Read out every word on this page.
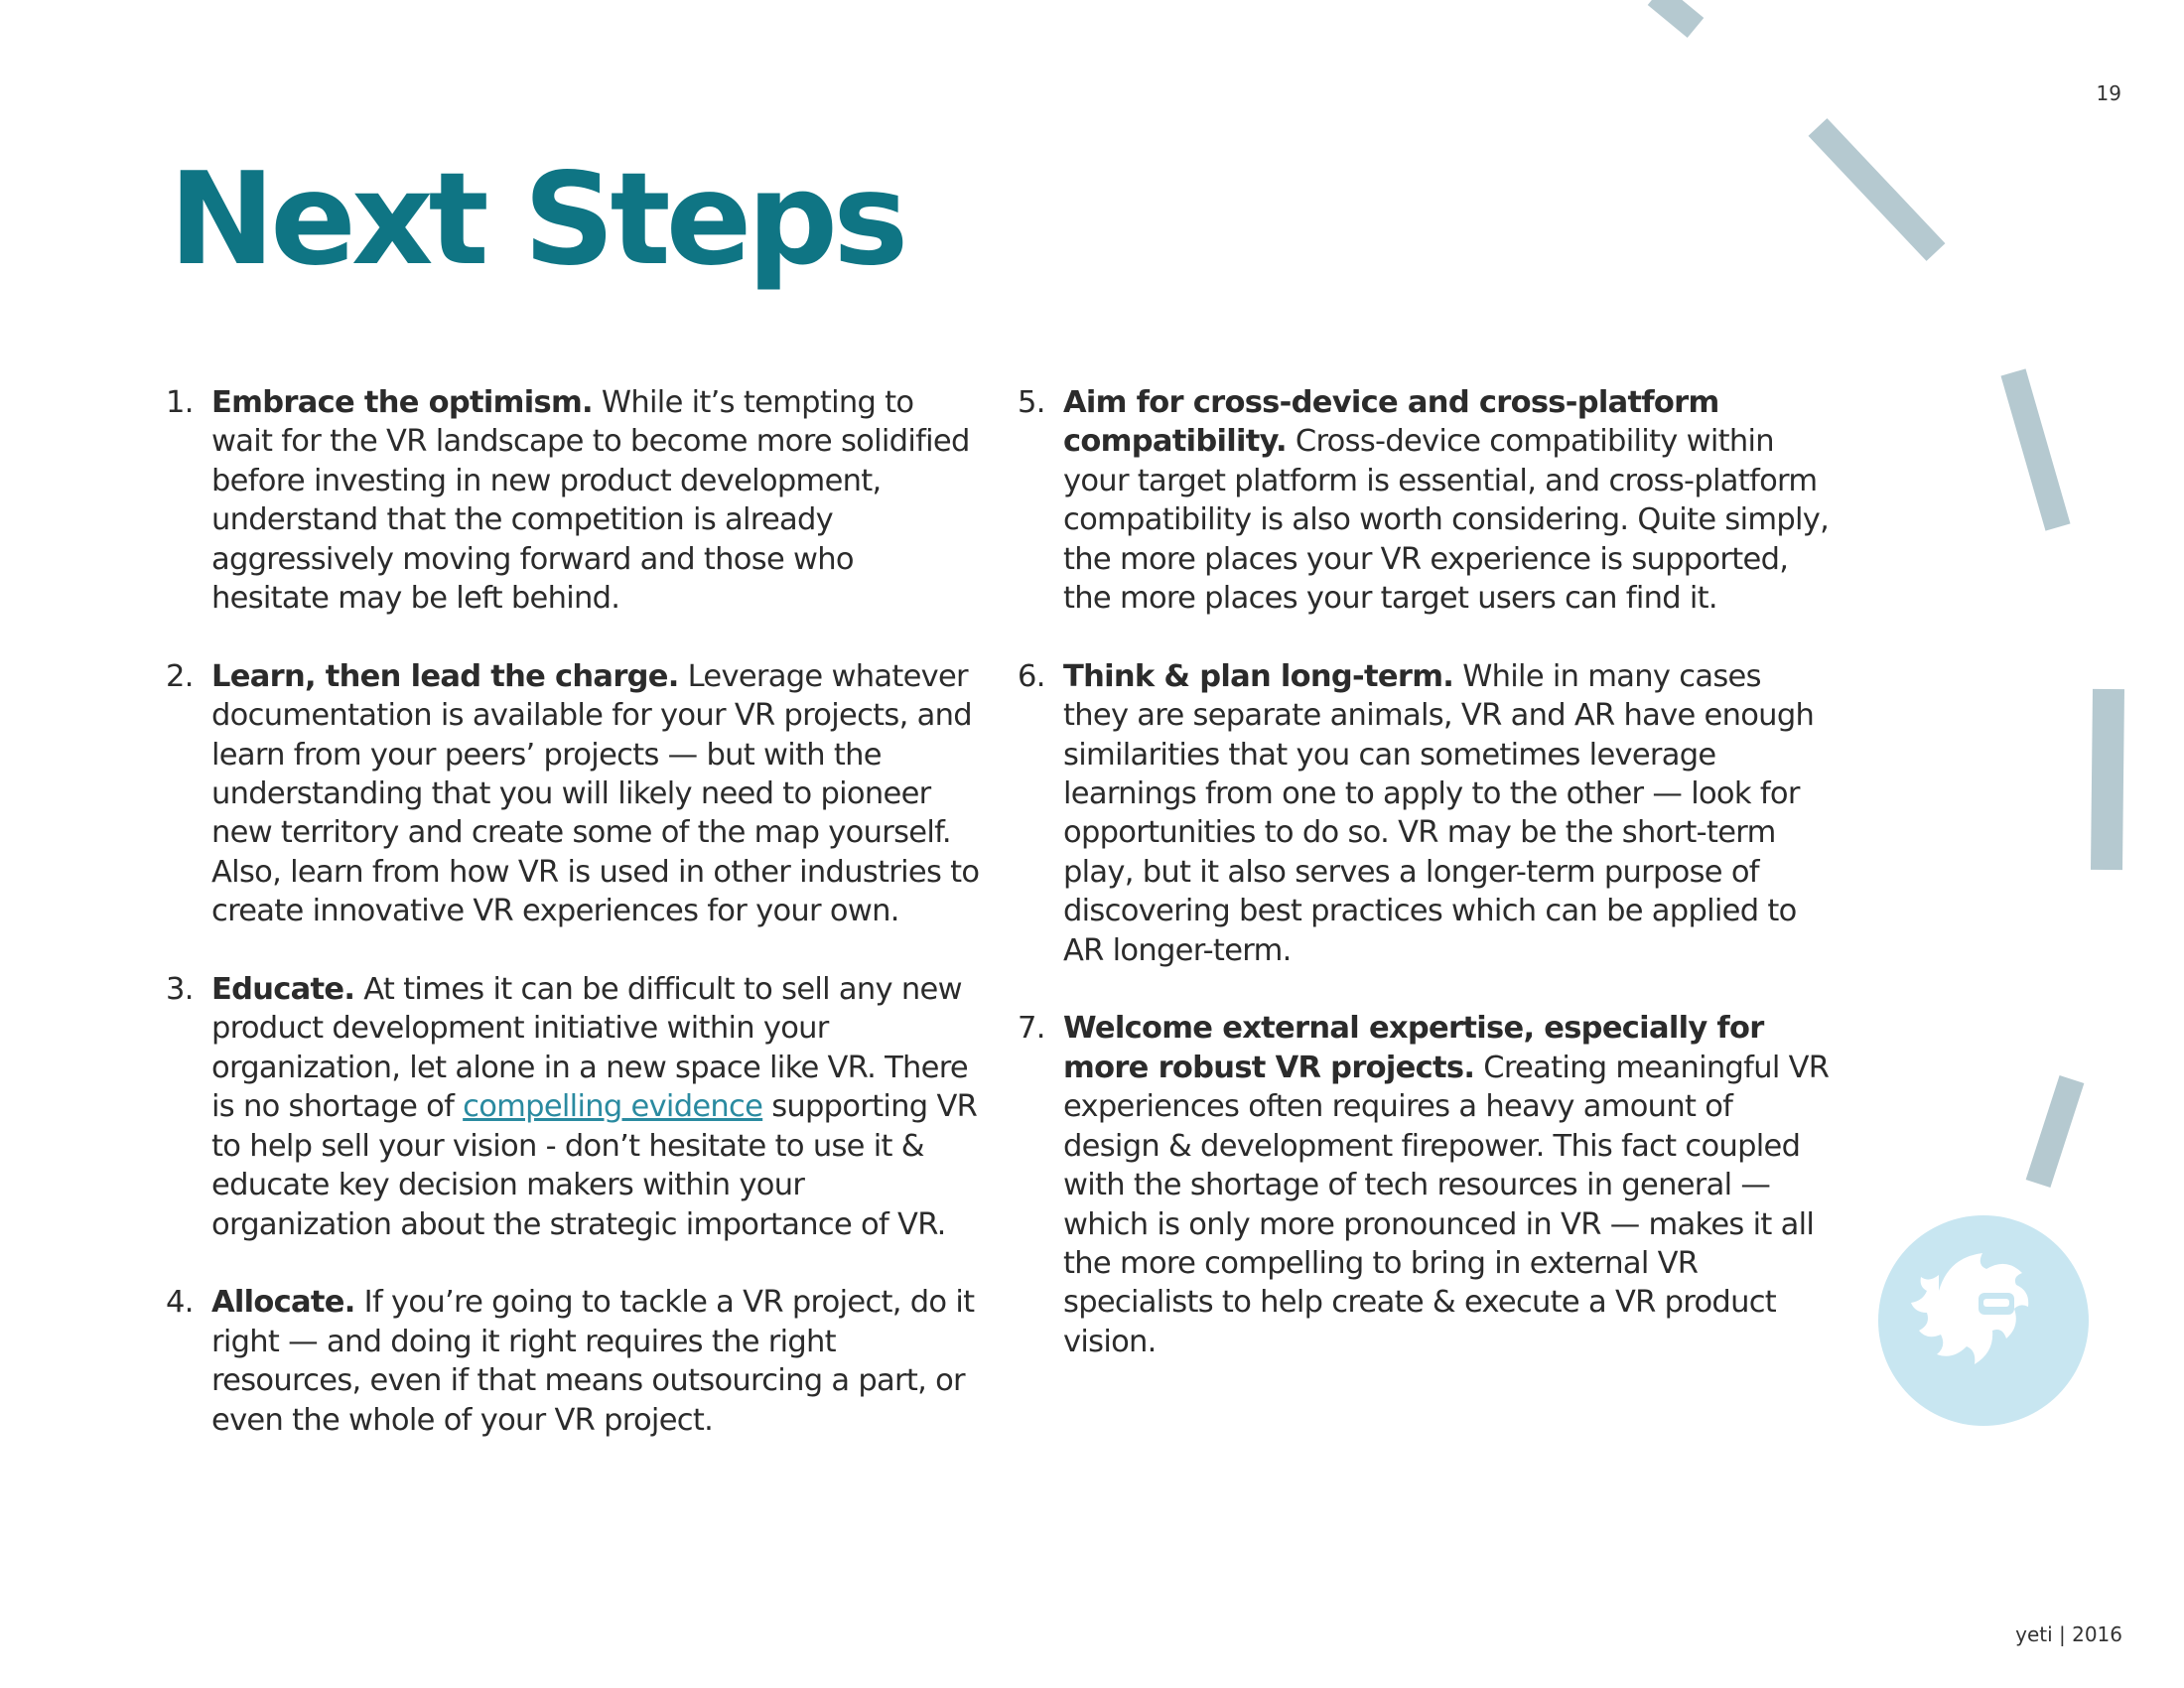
19
Next Steps
1. Embrace the optimism. While it’s tempting to wait for the VR landscape to become more solidified before investing in new product development, understand that the competition is already aggressively moving forward and those who hesitate may be left behind.
2. Learn, then lead the charge. Leverage whatever documentation is available for your VR projects, and learn from your peers’ projects — but with the understanding that you will likely need to pioneer new territory and create some of the map yourself. Also, learn from how VR is used in other industries to create innovative VR experiences for your own.
3. Educate. At times it can be difficult to sell any new product development initiative within your organization, let alone in a new space like VR. There is no shortage of compelling evidence supporting VR to help sell your vision - don’t hesitate to use it & educate key decision makers within your organization about the strategic importance of VR.
4. Allocate. If you’re going to tackle a VR project, do it right — and doing it right requires the right resources, even if that means outsourcing a part, or even the whole of your VR project.
5. Aim for cross-device and cross-platform compatibility. Cross-device compatibility within your target platform is essential, and cross-platform compatibility is also worth considering. Quite simply, the more places your VR experience is supported, the more places your target users can find it.
6. Think & plan long-term. While in many cases they are separate animals, VR and AR have enough similarities that you can sometimes leverage learnings from one to apply to the other — look for opportunities to do so. VR may be the short-term play, but it also serves a longer-term purpose of discovering best practices which can be applied to AR longer-term.
7. Welcome external expertise, especially for more robust VR projects. Creating meaningful VR experiences often requires a heavy amount of design & development firepower. This fact coupled with the shortage of tech resources in general — which is only more pronounced in VR — makes it all the more compelling to bring in external VR specialists to help create & execute a VR product vision.
yeti | 2016
